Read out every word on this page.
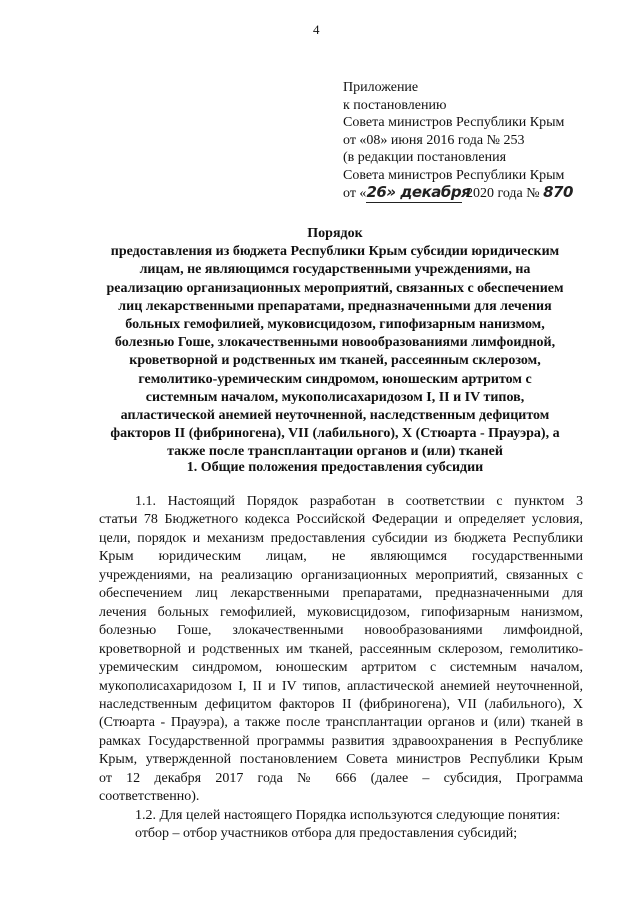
4
Приложение
к постановлению
Совета министров Республики Крым
от «08» июня 2016 года № 253
(в редакции постановления
Совета министров Республики Крым
от «26» декабря 2020 года № 870
Порядок
предоставления из бюджета Республики Крым субсидии юридическим
лицам, не являющимся государственными учреждениями, на
реализацию организационных мероприятий, связанных с обеспечением
лиц лекарственными препаратами, предназначенными для лечения
больных гемофилией, муковисцидозом, гипофизарным нанизмом,
болезнью Гоше, злокачественными новообразованиями лимфоидной,
кроветворной и родственных им тканей, рассеянным склерозом,
гемолитико-уремическим синдромом, юношеским артритом с
системным началом, мукополисахаридозом I, II и IV типов,
апластической анемией неуточненной, наследственным дефицитом
факторов II (фибриногена), VII (лабильного), X (Стюарта - Прауэра), а
также после трансплантации органов и (или) тканей
1. Общие положения предоставления субсидии
1.1. Настоящий Порядок разработан в соответствии с пунктом 3
статьи 78 Бюджетного кодекса Российской Федерации и определяет условия,
цели, порядок и механизм предоставления субсидии из бюджета Республики
Крым юридическим лицам, не являющимся государственными
учреждениями, на реализацию организационных мероприятий, связанных с
обеспечением лиц лекарственными препаратами, предназначенными для
лечения больных гемофилией, муковисцидозом, гипофизарным нанизмом,
болезнью Гоше, злокачественными новообразованиями лимфоидной,
кроветворной и родственных им тканей, рассеянным склерозом, гемолитико-
уремическим синдромом, юношеским артритом с системным началом,
мукополисахаридозом I, II и IV типов, апластической анемией неуточненной,
наследственным дефицитом факторов II (фибриногена), VII (лабильного), X
(Стюарта - Прауэра), а также после трансплантации органов и (или) тканей в
рамках Государственной программы развития здравоохранения в Республике
Крым, утвержденной постановлением Совета министров Республики Крым
от 12 декабря 2017 года № 666 (далее – субсидия, Программа
соответственно).
1.2. Для целей настоящего Порядка используются следующие понятия:
отбор – отбор участников отбора для предоставления субсидий;
